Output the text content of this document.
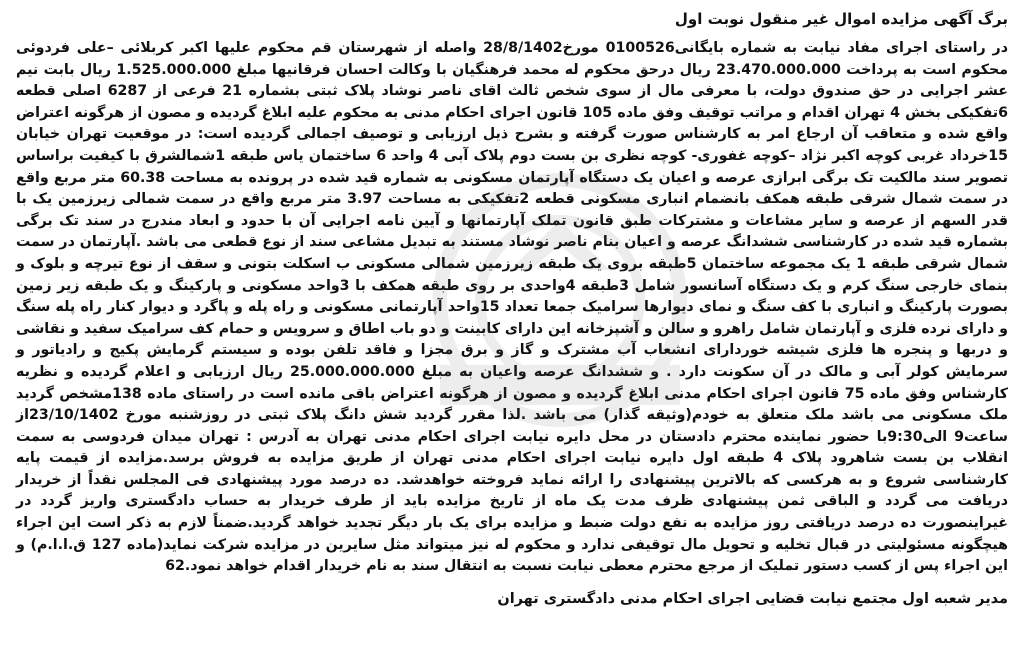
برگ آگهی مزایده اموال غیر منقول نوبت اول

در راستای اجرای مفاد نیابت به شماره بایگانی0100526 مورخ28/8/1402 واصله از شهرستان قم محکوم علیها اکبر کربلائی –علی فردوئی محکوم است به پرداخت 23.470.000.000 ریال درحق محکوم له محمد فرهنگیان با وکالت احسان فرقانیها مبلغ 1.525.000.000 ریال بابت نیم عشر اجرایی در حق صندوق دولت، با معرفی مال از سوی شخص ثالث اقای ناصر نوشاد پلاک ثبتی بشماره 21 فرعی از 6287 اصلی قطعه 6تفکیکی بخش 4 تهران اقدام و مراتب توقیف وفق ماده 105 قانون اجرای احکام مدنی به محکوم علیه ابلاغ گردیده و مصون از هرگونه اعتراض واقع شده و متعاقب آن ارجاع امر به کارشناس صورت گرفته و بشرح ذیل ارزیابی و توصیف اجمالی گردیده است: در موقعیت تهران خیابان 15خرداد غربی کوچه اکبر نژاد –کوچه غفوری- کوچه نظری بن بست دوم پلاک آبی 4 واحد 6 ساختمان یاس طبقه 1شمالشرق با کیفیت براساس تصویر سند مالکیت تک برگی ابرازی عرصه و اعیان یک دستگاه آپارتمان مسکونی به شماره قید شده در پرونده به مساحت 60.38 متر مربع واقع در سمت شمال شرقی طبقه همکف بانضمام انباری مسکونی قطعه 2تفکیکی به مساحت 3.97 متر مربع واقع در سمت شمالی زیرزمین یک با قدر السهم از عرصه و سایر مشاعات و مشترکات طبق قانون تملک آپارتمانها و آیین نامه اجرایی آن با حدود و ابعاد مندرج در سند تک برگی بشماره قید شده در کارشناسی ششدانگ عرصه و اعیان بنام ناصر نوشاد مستند به تبدیل مشاعی سند از نوع قطعی می باشد .آپارتمان در سمت شمال شرقی طبقه 1 یک مجموعه ساختمان 5طبقه بروی یک طبقه زیرزمین شمالی مسکونی ب اسکلت بتونی و سقف از نوع تیرچه و بلوک و بنمای خارجی سنگ کرم و یک دستگاه آسانسور شامل 3طبقه 4واحدی بر روی طبقه همکف با 3واحد مسکونی و پارکینگ و یک طبقه زیر زمین بصورت پارکینگ و انباری با کف سنگ و نمای دیوارها سرامیک جمعا تعداد 15واحد آپارتمانی مسکونی و راه پله و پاگرد و دیوار کنار راه پله سنگ و دارای نرده فلزی و آپارتمان شامل راهرو و سالن و آشپزخانه این دارای کابینت و دو باب اطاق و سرویس و حمام کف سرامیک سفید و نقاشی و دربها و پنجره ها فلزی شیشه خوردارای انشعاب آب مشترک و گاز و برق مجزا و فاقد تلفن بوده و سیستم گرمایش پکیج و رادیاتور و سرمایش کولر آبی و مالک در آن سکونت دارد . و ششدانگ عرصه واعیان به مبلغ 25.000.000.000 ریال ارزیابی و اعلام گردیده و نظریه کارشناس وفق ماده 75 قانون اجرای احکام مدنی ابلاغ گردیده و مصون از هرگونه اعتراض باقی مانده است در راستای ماده 138مشخص گردید ملک مسکونی می باشد ملک متعلق به خودم(وثیقه گذار) می باشد .لذا مقرر گردید شش دانگ پلاک ثبتی در روزشنبه مورخ 23/10/1402از ساعت9 الی9:30با حضور نماینده محترم دادستان در محل دایره نیابت اجرای احکام مدنی تهران به آدرس : تهران میدان فردوسی به سمت انقلاب بن بست شاهرود پلاک 4 طبقه اول دایره نیابت اجرای احکام مدنی تهران از طریق مزایده به فروش برسد.مزایده از قیمت پایه کارشناسی شروع و به هرکسی که بالاترین پیشنهادی را ارائه نماید فروخته خواهدشد. ده درصد مورد پیشنهادی فی المجلس نقداً از خریدار دریافت می گردد و الباقی ثمن پیشنهادی ظرف مدت یک ماه از تاریخ مزایده باید از طرف خریدار به حساب دادگستری واریز گردد در غیراینصورت ده درصد دریافتی روز مزایده به نفع دولت ضبط و مزایده برای یک بار دیگر تجدید خواهد گردید.ضمناً لازم به ذکر است این اجراء هیچگونه مسئولیتی در قبال تخلیه و تحویل مال توقیفی ندارد و محکوم له نیز میتواند مثل سایرین در مزایده شرکت نماید(ماده 127 ق.ا.ا.م) و این اجراء پس از کسب دستور تملیک از مرجع محترم معطی نیابت نسبت به انتقال سند به نام خریدار اقدام خواهد نمود.62

مدیر شعبه اول مجتمع نیابت قضایی اجرای احکام مدنی دادگستری تهران
